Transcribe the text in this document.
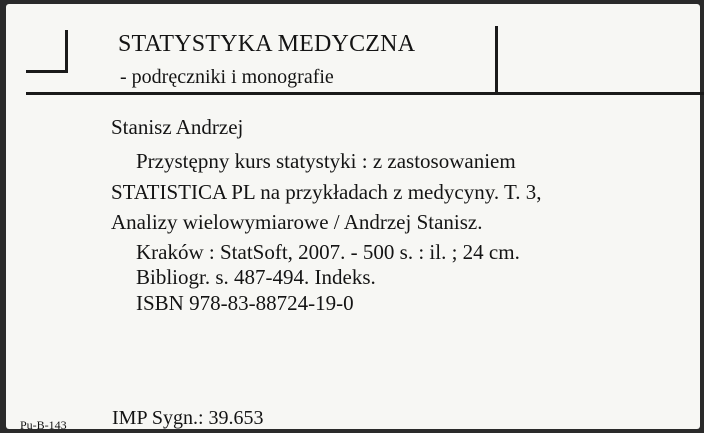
STATYSTYKA MEDYCZNA
- podręczniki i monografie
Stanisz Andrzej
Przystępny kurs statystyki : z zastosowaniem
STATISTICA PL na przykładach z medycyny. T. 3,
Analizy wielowymiarowe / Andrzej Stanisz.
Kraków : StatSoft, 2007. - 500 s. : il. ; 24 cm.
Bibliogr. s. 487-494. Indeks.
ISBN 978-83-88724-19-0
Pu-B-143 IMP Sygn.: 39.653
